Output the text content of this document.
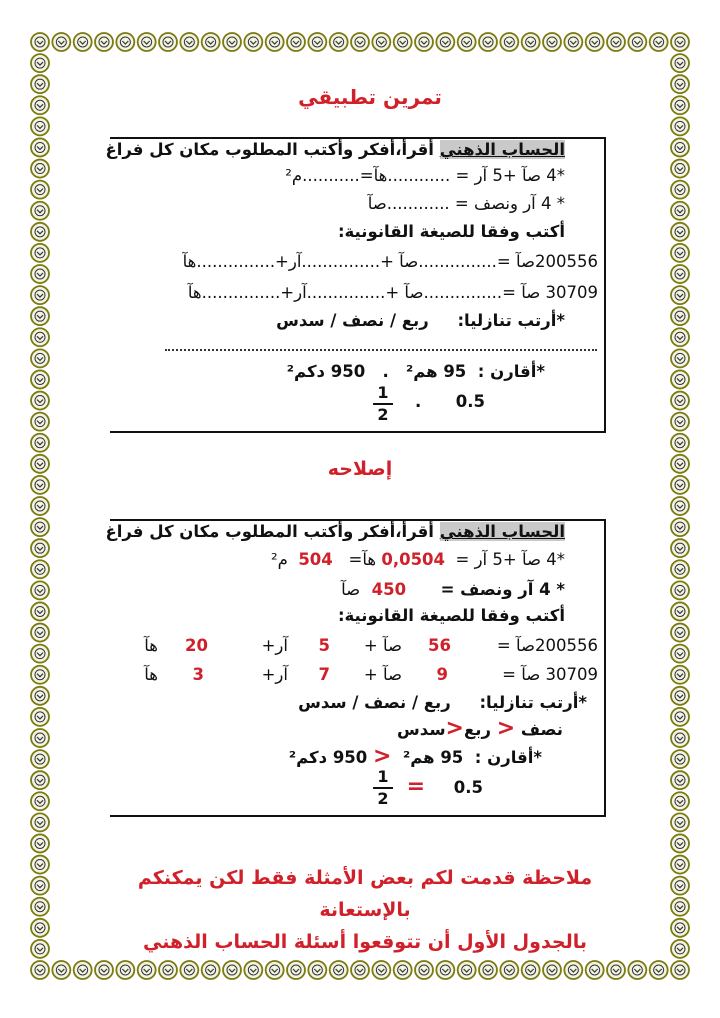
تمرين تطبيقي
الحساب الذهني أقرأ،أفكر وأكتب المطلوب مكان كل فراغ
*4 صآ +5 آر = ............هآ=...........م²
* 4 آر ونصف = ............صآ
أكتب وفقا للصيغة القانونية:
200556صآ =...............صآ +...............آر+...............هآ
30709 صآ =...............صآ +...............آر+...............هآ
*أرتب تنازليا:     ربع / نصف / سدس
*أقارن :  95 هم²   .   950 دكم²
0.5      .
1
2
إصلاحه
الحساب الذهني أقرأ،أفكر وأكتب المطلوب مكان كل فراغ
*4 صآ +5 آر =  0,0504 هآ=   504  م²
* 4 آر ونصف =      450  صآ
أكتب وفقا للصيغة القانونية:
200556صآ =
56
صآ +
5
آر+
20
هآ
30709 صآ =
9
صآ +
7
آر+
3
هآ
*أرتب تنازليا:     ربع / نصف / سدس
نصف < ربع<سدس
*أقارن :  95 هم²  < 950 دكم²
0.5     =
1
2
ملاحظة قدمت لكم بعض الأمثلة فقط لكن يمكنكم بالإستعانة
بالجدول الأول أن تتوقعوا أسئلة الحساب الذهني
